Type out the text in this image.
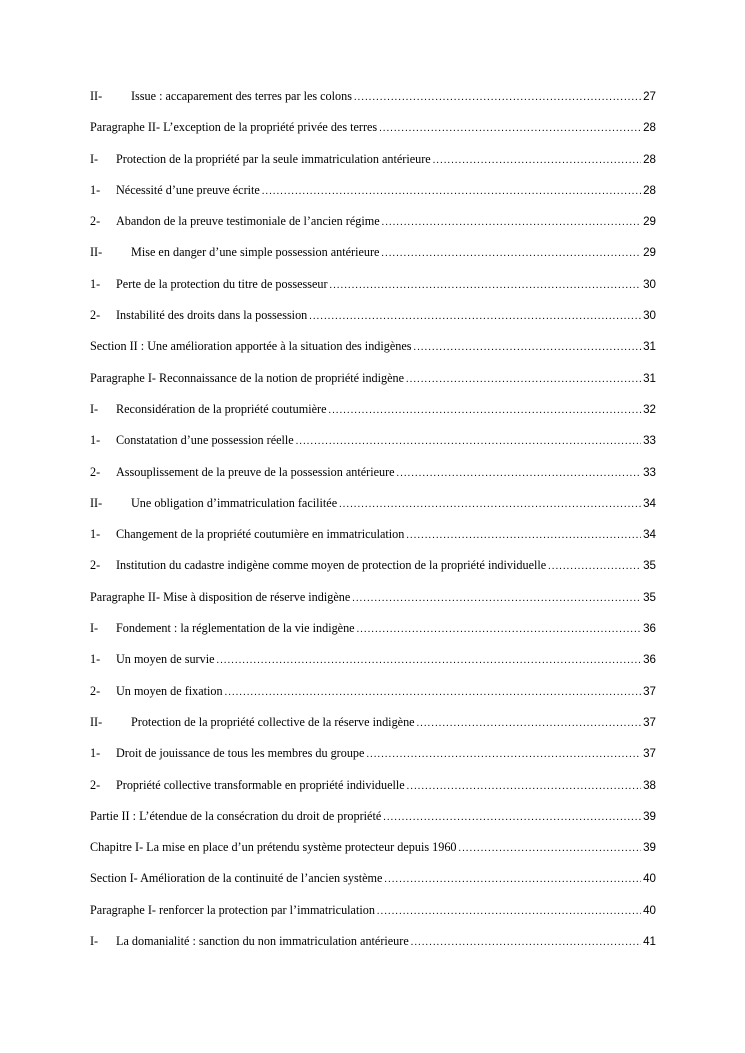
II-	Issue : accaparement des terres par les colons .....	27
Paragraphe II- L’exception de la propriété privée des terres .....	28
I-	Protection de la propriété par la seule immatriculation antérieure .....	28
1-	Nécessité d’une preuve écrite .....	28
2-	Abandon de la preuve testimoniale de l’ancien régime .....	29
II-	Mise en danger d’une simple possession antérieure .....	29
1-	Perte de la protection du titre de possesseur .....	30
2-	Instabilité des droits dans la possession .....	30
Section II : Une amélioration apportée à la situation des indigènes .....	31
Paragraphe I- Reconnaissance de la notion de propriété indigène .....	31
I-	Reconsidération de la propriété coutumière .....	32
1-	Constatation d’une possession réelle .....	33
2-	Assouplissement de la preuve de la possession antérieure .....	33
II-	Une obligation d’immatriculation facilitée .....	34
1-	Changement de la propriété coutumière en immatriculation .....	34
2-	Institution du cadastre indigène comme moyen de protection de la propriété individuelle .....	35
Paragraphe II- Mise à disposition de réserve indigène .....	35
I-	Fondement : la réglementation de la vie indigène .....	36
1-	Un moyen de survie .....	36
2-	Un moyen de fixation .....	37
II-	Protection de la propriété collective de la réserve indigène .....	37
1-	Droit de jouissance de tous les membres du groupe .....	37
2-	Propriété collective transformable en propriété individuelle .....	38
Partie II : L’étendue de la consécration du droit de propriété .....	39
Chapitre I- La mise en place d’un prétendu système protecteur depuis 1960 .....	39
Section I- Amélioration de la continuité de l’ancien système .....	40
Paragraphe I- renforcer la protection par l’immatriculation .....	40
I-	La domanialité : sanction du non immatriculation antérieure .....	41
